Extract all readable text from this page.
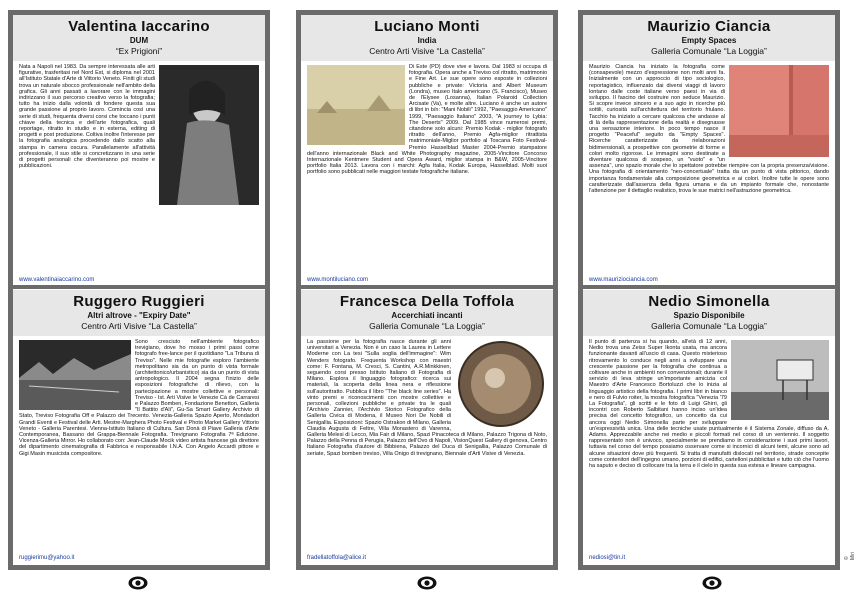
Valentina Iaccarino
DUM
“Ex Prigioni”

Nata a Napoli nel 1983. Da sempre interessata alle arti figurative, trasferitasi nel Nord Est, si diploma nel 2001 all'Istituto Statale d'Arte di Vittorio Veneto. Finiti gli studi trova un naturale sbocco professionale nell'ambito della grafica. Gli anni passati a lavorare con le immagini indirizzano il suo percorso creativo verso la fotografia; tutto ha inizio dalla volontà di fondere questa sua grande passione al proprio lavoro. Comincia così una serie di studi, frequenta diversi corsi che toccano i punti chiave della tecnica e dell'arte fotografica, quali reportage, ritratto in studio e in esterna, editing di progetti e post produzione. Coltiva inoltre l'interesse per la fotografia analogica procedendo dallo scatto alla stampa in camera oscura. Parallelamente all'attività professionale, il suo stile si concretizzano in una serie di progetti personali che diventeranno poi mostre e pubblicazioni.

www.valentinaiaccarino.com
Ruggero Ruggieri
Altri altrove - "Expiry Date"
Centro Arti Visive “La Castella”

Sono cresciuto nell'ambiente fotografico trevigiano, dove ho mosso i primi passi come fotografo free-lance per il quotidiano "La Tribuna di Treviso". Nelle mie fotografie esploro l'ambiente metropolitano sia da un punto di vista formale (architettonico/urbanistico) sia da un punto di vista antropologico. Il 2004 segna l'inizio delle esposizioni fotografiche di rilievo, con la partecipazione a mostre collettive e personali: Treviso - Ist. Arti Visive le Venezie Cà de Carraresi e Palazzo Bomben, Fondazione Benetton, Galleria "Il Battito d'Ali", Gu-Sa Smart Gallery Archivio di Stato, Treviso Fotografia Off e Palazzo dei Trecento. Venezia-Galleria Spazio Aperto, Mondadori Grandi Eventi e Festival delle Arti. Mestre-Marghera Photo Festival e Photo Market Gallery Vittorio Veneto - Galleria Parentesi. Vienna-Istituto Italiano di Cultura. San Donà di Piave Galleria d'Arte Contemporanea, Bassano del Grappa-Biennale Fotografia. Trevignano Fotografia 7ª Edizione. Vicenza-Galleria Mirror. Ho collaborato con: Jean-Claude Mocik video artista francese già direttore del dipartimento cinematografia di Fabbrica e responsabile I.N.A. Con Angelo Accardi pittore e Gigi Masin musicista compositore.

ruggierimu@yahoo.it
Luciano Monti
India
Centro Arti Visive “La Castella”

Di Este (PD) dove vive e lavora. Dal 1983 si occupa di fotografia. Opera anche a Treviso col ritratto, matrimonio e Fine Art. Le sue opere sono esposte in collezioni pubbliche e private: Victoria and Albert Museum (Londra), museo Italo americano (S. Francisco), Museo de l'Elysee (Losanna), Italian Polaroid Collection Arcisate (Va), e molte altre. Luciano è anche un autore di libri in b/n: "Mani Nobili" 1992, "Paesaggio Americano" 1999, "Paesaggio Italiano" 2003, "A journey to Lybia: The Deserts" 2009. Dal 1985 vince numerosi premi, citandone solo alcuni: Premio Kodak - miglior fotografo ritratto dell'anno, Premio Agfa-miglior ritrattista matrimoniale-Miglior portfolio al Toscana Foto Festival-Premio Hasselblad Master 2004-Premio stampatore dell'anno internazionale Black and White Photography magazine, 2005-Vincitore Concorso Internazionale Kentmere Student and Opera Award, miglior stampa in B&W, 2005-Vincitore portfolio Italia 2013. Lavora con i marchi: Agfa Italia, Kodak Europa, Hasselblad. Molti suoi portfolio sono pubblicati nelle maggiori testate fotografiche italiane.

www.montiluciano.com
Francesca Della Toffola
Accerchiati incanti
Galleria Comunale “La Loggia”

La passione per la fotografia nasce durante gli anni universitari a Venezia. Non è un caso la Laurea in Lettere Moderne con La tesi "Sulla soglia dell'immagine": Wim Wenders fotografo. Frequenta Workshop con maestri come: F. Fontana, M. Cresci, S. Cantini, A.R.Minkkinen, seguendo corsi presso Istituto Italiano di Fotografia di Milano. Esplora il linguaggio fotografico: ricerca sui materiali, la scoperta della linea nera e riflessione sull'autoritratto. Pubblica il libro "The black line series". Ha vinto premi e riconoscimenti con mostre collettive e personali, collezioni pubbliche e private tra le quali l'Archivio Zannier, l'Archivio Storico Fotografico della Galleria Civica di Modena, il Museo Nori De Nobili di Senigallia. Esposizioni: Spazio Ostrakon di Milano, Galleria Claudia Augusta di Feltre, Villa Monastero di Varenna, Galleria Melesi di Lecco, Mia Fair di Milano, Spazi Pinacoteca di Milano, Palazzo Trigona di Noto, Palazzo della Penna di Perugia, Palazzo dell'Ovo di Napoli, VisionQuest Gallery di genova, Centro Italiano Fotografia d'autore di Bibbiena, Palazzo del Duca di Senigallia, Palazzo Comunale di seriate, Spazi bomben treviso, Villa Onigo di trevignano, Biennale d'Arti Visive di Venezia.

fradellatoffola@alice.it
Maurizio Ciancia
Empty Spaces
Galleria Comunale “La Loggia”

Maurizio Ciancia ha iniziato la fotografia come (consapevole) mezzo d'espressione non molti anni fa. Inizialmente con un approccio di tipo sociologico, reportagistico, influenzato dai diversi viaggi di lavoro lontano dalle coste italiane verso paesi in via di sviluppo. Il fascino del costruire non seduce Maurizio. Si scopre invece sincero e a suo agio in ricerche più sottili, curiosità sull'architettura del territorio friulano. Tacchio ha iniziato a cercare qualcosa che andasse al di là della rappresentazione della realtà e disegnasse una sensazione interiore. In poco tempo nasce il progetto "Peaceful" seguito da "Empty Spaces". Ricerche caratterizzate da rielaborazioni bidimensionali, a prospettive con geometrie di forme e colori molto rigorose. Le immagini sono destinate a diventare qualcosa di sospeso, un "vuoto" e "un assenza", uno spazio morale che lo spettatore potrebbe riempire con la propria presenza/visione. Una fotografia di orientamento "neo-concertuale" tratta da un punto di vista pittorico, dando importanza fondamentale alla composizione geometrica e ai colori. Inoltre tutte le opere sono caratterizzate dall'assenza della figura umana e da un impianto formale che, nonostante l'attenzione per il dettaglio realistico, trova le sue matrici nell'astrazione geometrica.

www.mauriziociancia.com
Nedio Simonella
Spazio Disponibile
Galleria Comunale “La Loggia”

Il punto di partenza si ha quando, all'età di 12 anni, Nedio trova una Zeiss Super Ikonta usata, ma ancora funzionante davanti all'uscio di casa. Questo misterioso ritrovamento lo conduce negli anni a sviluppare una crescente passione per la fotografia che continua a coltivare anche in ambienti non convenzionali; durante il servizio di leva stringe un'importante amicizia col Maestro d'Arte Francesco Bortoluzzi che lo inizia al linguaggio artistico della fotografia. I primi libri in bianco e nero di Fulvio roiter, la mostra fotografica "Venezia '79 La Fotografia", gli scritti e le foto di Luigi Ghirri, gli incontri con Roberto Salbitani hanno inciso un'idea precisa del concetto fotografico, un concetto da cui ancora oggi Nedio Simonella parte per sviluppare un'espressività unica. Una delle tecniche usate puntualmente è il Sistema Zonale, diffuso da A. Adams. Apprezzabile anche nei medio e piccoli formati nel corso di un ventennio. Il soggetto rappresentato non è univoco, specialmente se prendiamo in considerazione i suoi primi lavori, tuttavia nel corso del tempo possiamo osservare come si incornici di alcuni temi, alcune sono ad alcune situazioni dove più frequenti. Si tratta di manufatti dislocati nel territorio, strade concepite come contenitori dell'ingegno umano, porzioni di edifici, cartelloni pubblicitari e tutto ciò che l'uomo ha saputo e deciso di collocare tra la terra e il cielo in questa sua estesa e lineare campagna.

nediosi@tin.it	© Miri
